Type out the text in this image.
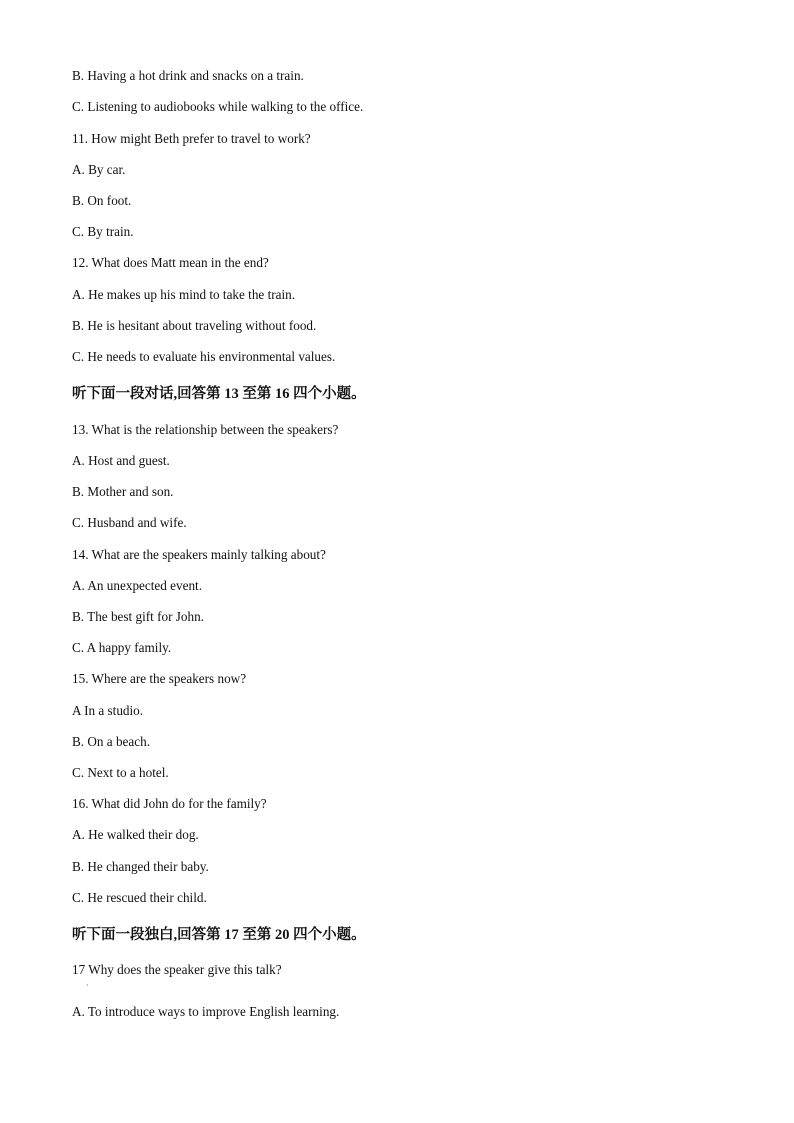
B. Having a hot drink and snacks on a train.
C. Listening to audiobooks while walking to the office.
11. How might Beth prefer to travel to work?
A. By car.
B. On foot.
C. By train.
12. What does Matt mean in the end?
A. He makes up his mind to take the train.
B. He is hesitant about traveling without food.
C. He needs to evaluate his environmental values.
听下面一段对话,回答第 13 至第 16 四个小题。
13. What is the relationship between the speakers?
A. Host and guest.
B. Mother and son.
C. Husband and wife.
14. What are the speakers mainly talking about?
A. An unexpected event.
B. The best gift for John.
C. A happy family.
15. Where are the speakers now?
A In a studio.
B. On a beach.
C. Next to a hotel.
16. What did John do for the family?
A. He walked their dog.
B. He changed their baby.
C. He rescued their child.
听下面一段独白,回答第 17 至第 20 四个小题。
17 Why does the speaker give this talk?
·
A. To introduce ways to improve English learning.
